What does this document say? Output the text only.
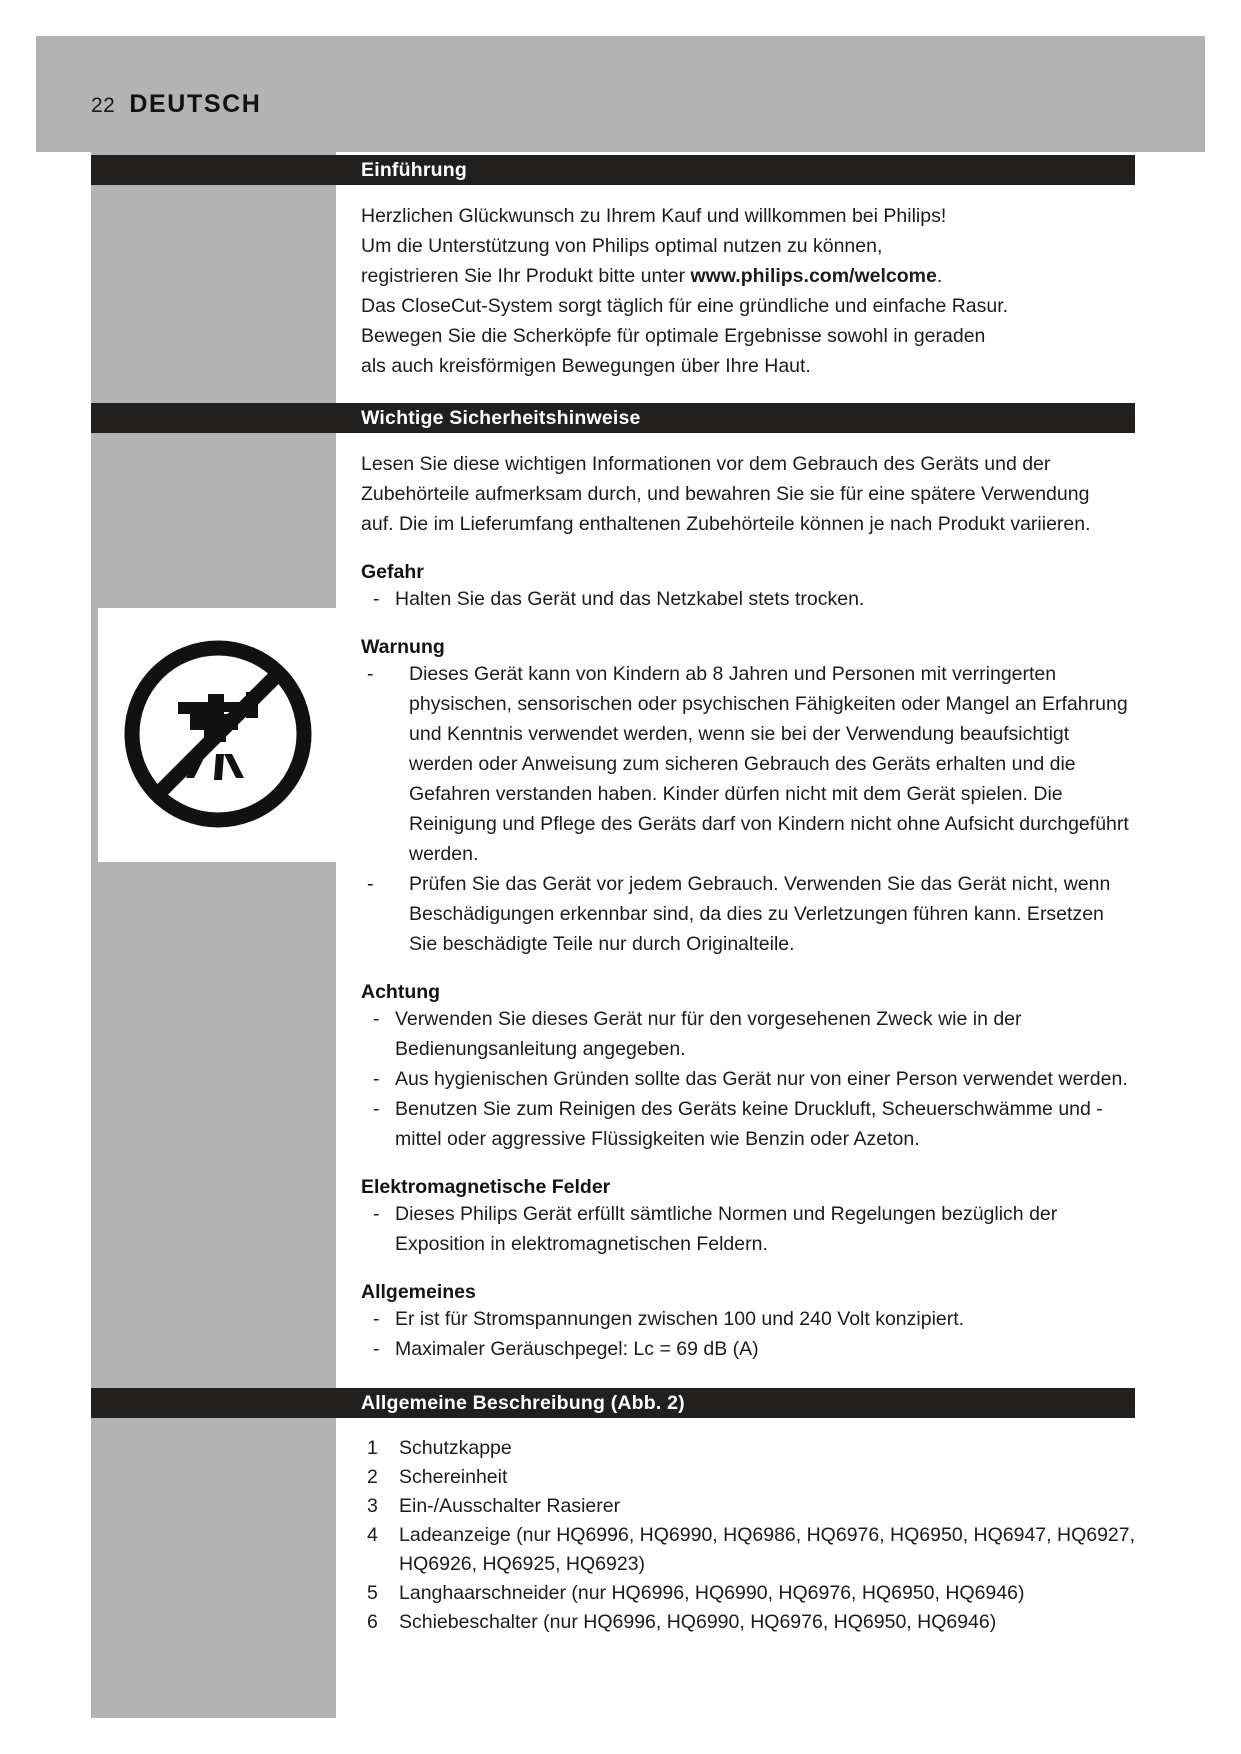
22 DEUTSCH
Einführung
Herzlichen Glückwunsch zu Ihrem Kauf und willkommen bei Philips!
Um die Unterstützung von Philips optimal nutzen zu können,
registrieren Sie Ihr Produkt bitte unter www.philips.com/welcome.
Das CloseCut-System sorgt täglich für eine gründliche und einfache Rasur.
Bewegen Sie die Scherköpfe für optimale Ergebnisse sowohl in geraden
als auch kreisförmigen Bewegungen über Ihre Haut.
Wichtige Sicherheitshinweise
Lesen Sie diese wichtigen Informationen vor dem Gebrauch des Geräts und der Zubehörteile aufmerksam durch, und bewahren Sie sie für eine spätere Verwendung auf. Die im Lieferumfang enthaltenen Zubehörteile können je nach Produkt variieren.
Gefahr
- Halten Sie das Gerät und das Netzkabel stets trocken.
Warnung
- Dieses Gerät kann von Kindern ab 8 Jahren und Personen mit verringerten physischen, sensorischen oder psychischen Fähigkeiten oder Mangel an Erfahrung und Kenntnis verwendet werden, wenn sie bei der Verwendung beaufsichtigt werden oder Anweisung zum sicheren Gebrauch des Geräts erhalten und die Gefahren verstanden haben. Kinder dürfen nicht mit dem Gerät spielen. Die Reinigung und Pflege des Geräts darf von Kindern nicht ohne Aufsicht durchgeführt werden.
- Prüfen Sie das Gerät vor jedem Gebrauch. Verwenden Sie das Gerät nicht, wenn Beschädigungen erkennbar sind, da dies zu Verletzungen führen kann. Ersetzen Sie beschädigte Teile nur durch Originalteile.
Achtung
- Verwenden Sie dieses Gerät nur für den vorgesehenen Zweck wie in der Bedienungsanleitung angegeben.
- Aus hygienischen Gründen sollte das Gerät nur von einer Person verwendet werden.
- Benutzen Sie zum Reinigen des Geräts keine Druckluft, Scheuerschwämme und -mittel oder aggressive Flüssigkeiten wie Benzin oder Azeton.
Elektromagnetische Felder
- Dieses Philips Gerät erfüllt sämtliche Normen und Regelungen bezüglich der Exposition in elektromagnetischen Feldern.
Allgemeines
- Er ist für Stromspannungen zwischen 100 und 240 Volt konzipiert.
- Maximaler Geräuschpegel: Lc = 69 dB (A)
Allgemeine Beschreibung (Abb. 2)
1 Schutzkappe
2 Schereinheit
3 Ein-/Ausschalter Rasierer
4 Ladeanzeige (nur HQ6996, HQ6990, HQ6986, HQ6976, HQ6950, HQ6947, HQ6927, HQ6926, HQ6925, HQ6923)
5 Langhaarschneider (nur HQ6996, HQ6990, HQ6976, HQ6950, HQ6946)
6 Schiebeschalter (nur HQ6996, HQ6990, HQ6976, HQ6950, HQ6946)
